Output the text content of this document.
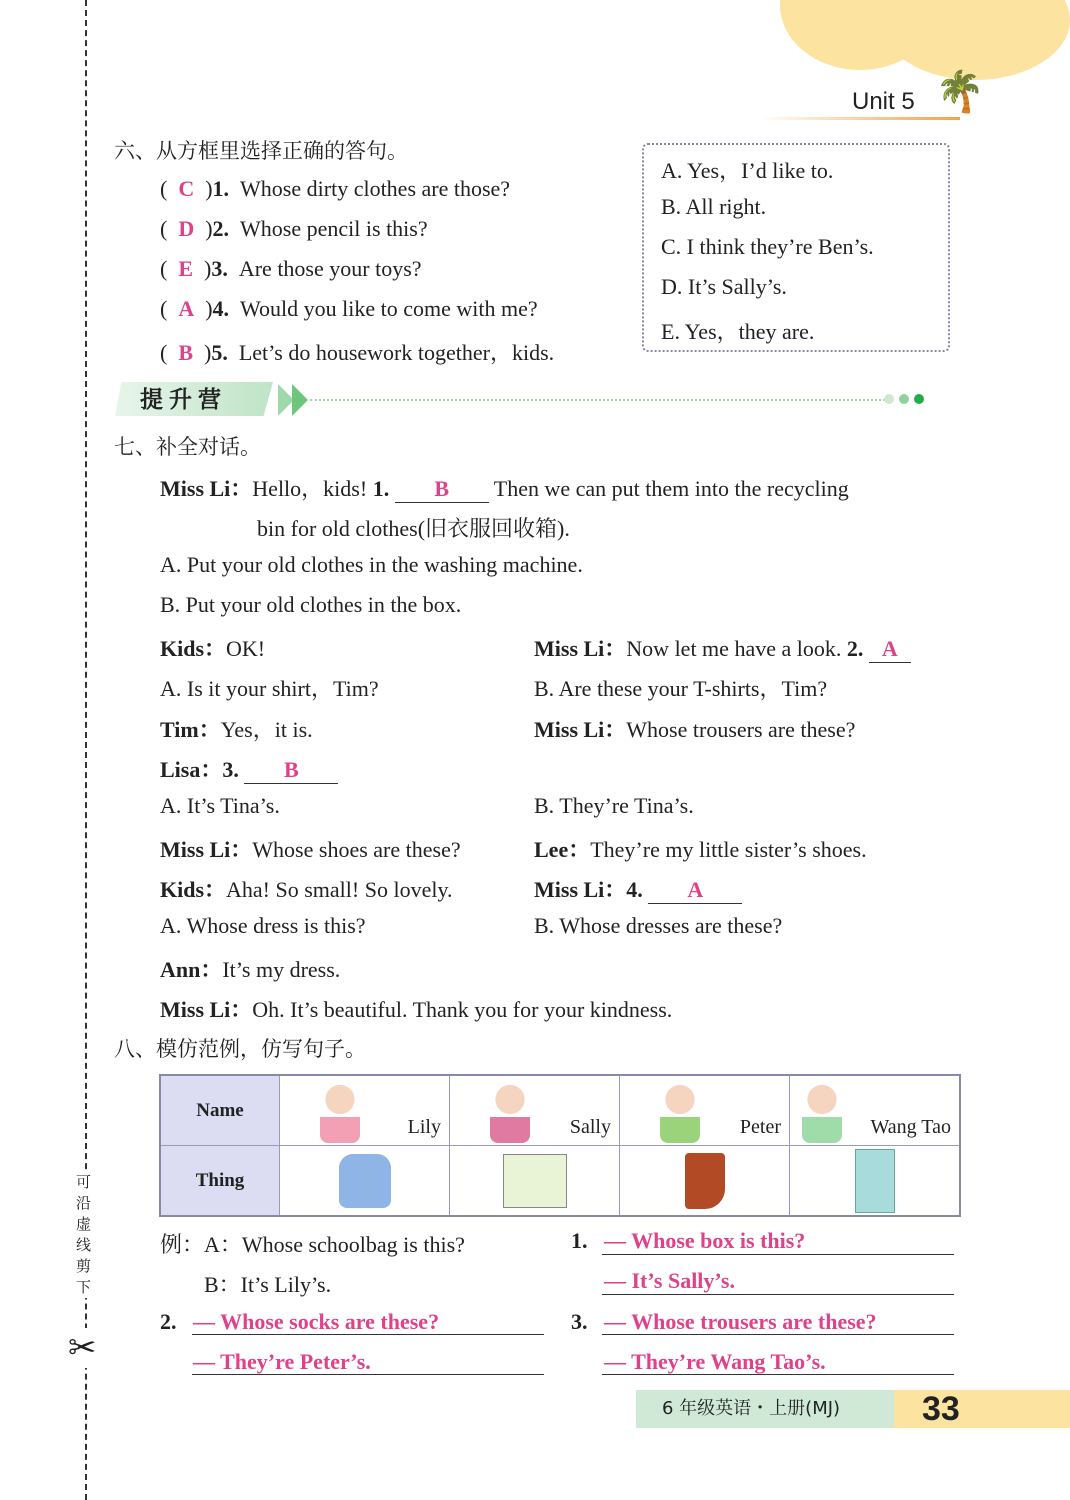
可沿虚线剪下
✂
Unit 5 🌴
六、从方框里选择正确的答句。
(  C  )1. Whose dirty clothes are those?
(  D  )2. Whose pencil is this?
(  E  )3. Are those your toys?
(  A  )4. Would you like to come with me?
(  B  )5. Let’s do housework together，kids.
A. Yes，I’d like to.
B. All right.
C. I think they’re Ben’s.
D. It’s Sally’s.
E. Yes，they are.
提升营
七、补全对话。
Miss Li：Hello，kids! 1. B Then we can put them into the recycling
bin for old clothes(旧衣服回收箱).
A. Put your old clothes in the washing machine.
B. Put your old clothes in the box.
Kids：OK!	Miss Li：Now let me have a look. 2. A
A. Is it your shirt，Tim?	B. Are these your T-shirts，Tim?
Tim：Yes，it is.	Miss Li：Whose trousers are these?
Lisa：3. B
A. It’s Tina’s.	B. They’re Tina’s.
Miss Li：Whose shoes are these?	Lee：They’re my little sister’s shoes.
Kids：Aha! So small! So lovely.	Miss Li：4. A
A. Whose dress is this?	B. Whose dresses are these?
Ann：It’s my dress.
Miss Li：Oh. It’s beautiful. Thank you for your kindness.
八、模仿范例，仿写句子。
Name	Lily	Sally	Peter	Wang Tao

Thing	

例：A：Whose schoolbag is this?
B：It’s Lily’s.
1. — Whose box is this?
— It’s Sally’s.
2. — Whose socks are these?
— They’re Peter’s.
3. — Whose trousers are these?
— They’re Wang Tao’s.
6 年级英语・上册(MJ)	33
